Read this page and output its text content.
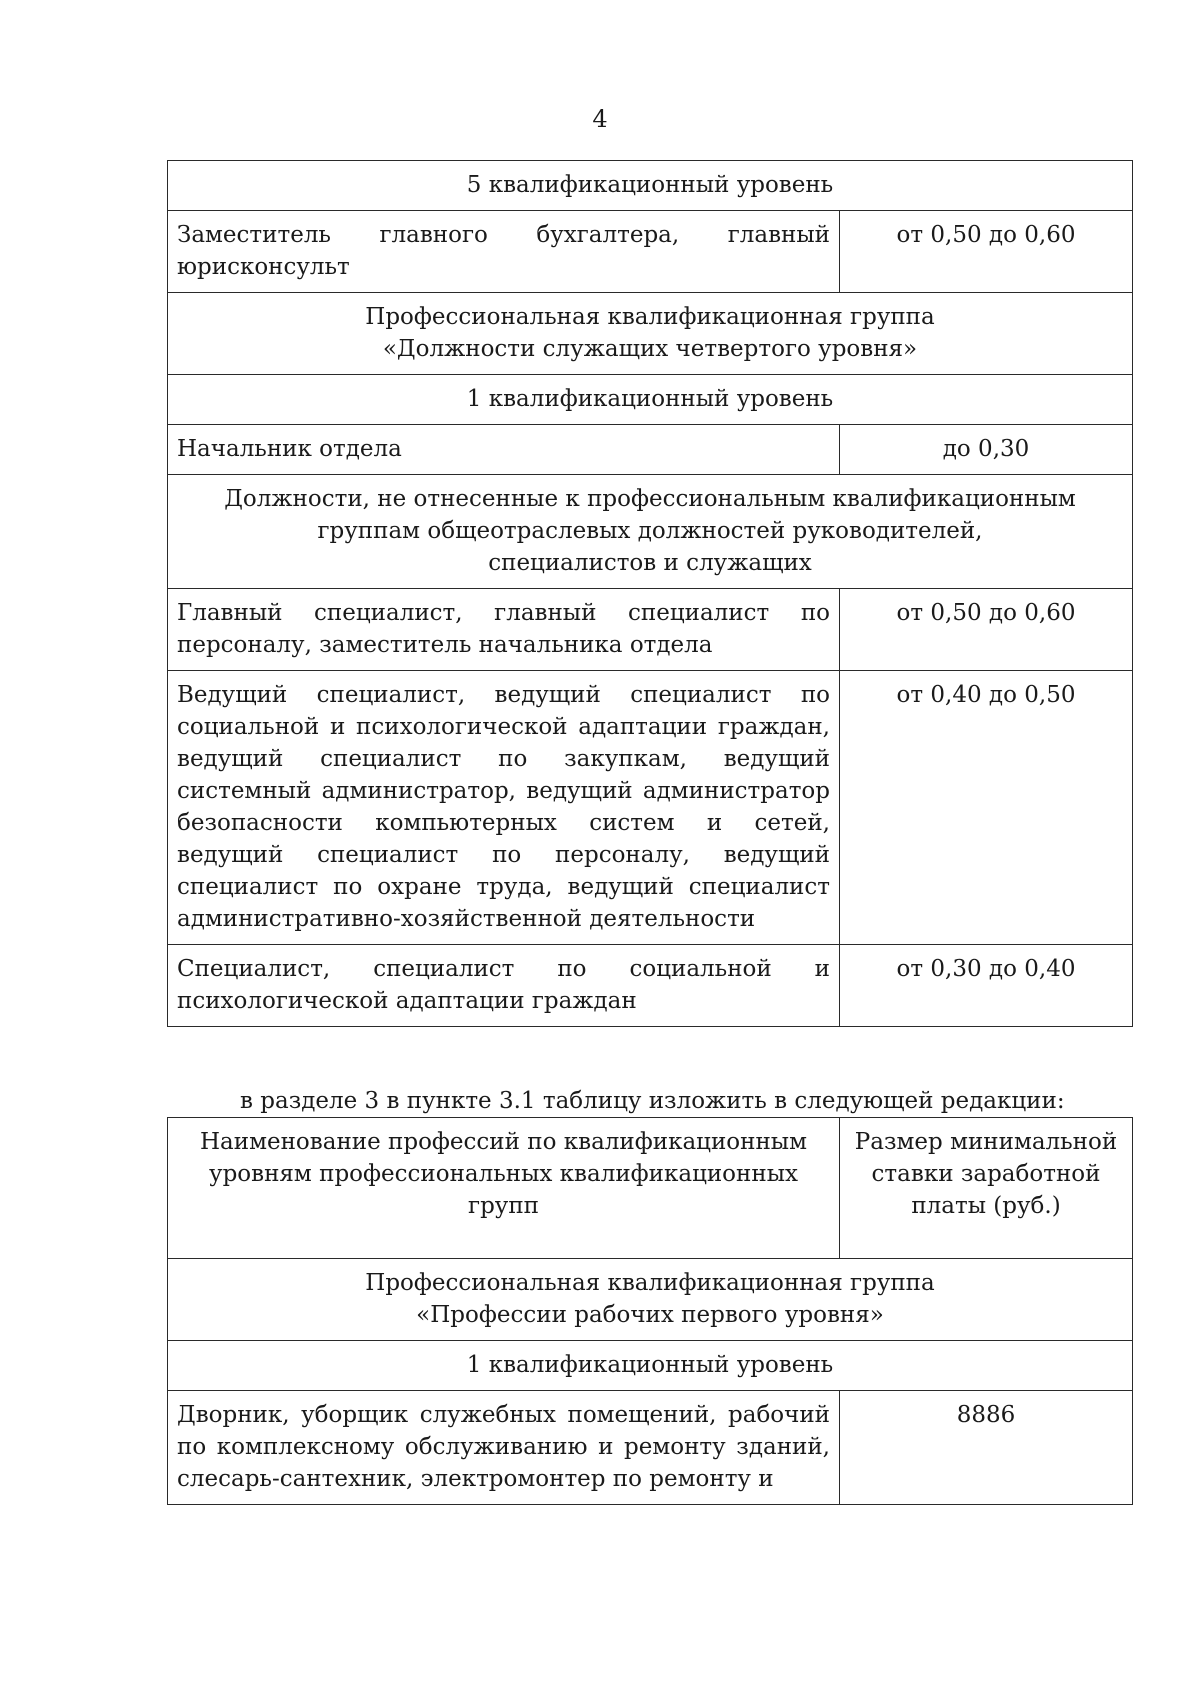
4
5 квалификационный уровень	
Заместитель главного бухгалтера, главный юрисконсульт	от 0,50 до 0,60

Профессиональная квалификационная группа
«Должности служащих четвертого уровня»	

1 квалификационный уровень	
Начальник отдела	до 0,30

Должности, не отнесенные к профессиональным квалификационным
группам общеотраслевых должностей руководителей,
специалистов и служащих	

Главный специалист, главный специалист по персоналу, заместитель начальника отдела	от 0,50 до 0,60
Ведущий специалист, ведущий специалист по социальной и психологической адаптации граждан, ведущий специалист по закупкам, ведущий системный администратор, ведущий администратор безопасности компьютерных систем и сетей, ведущий специалист по персоналу, ведущий специалист по охране труда, ведущий специалист административно-хозяйственной деятельности	от 0,40 до 0,50
Специалист, специалист по социальной и психологической адаптации граждан	от 0,30 до 0,40
в разделе 3 в пункте 3.1 таблицу изложить в следующей редакции:
Наименование профессий по квалификационным уровням профессиональных квалификационных групп	Размер минимальной ставки заработной платы (руб.)

Профессиональная квалификационная группа
«Профессии рабочих первого уровня»	

1 квалификационный уровень	
Дворник, уборщик служебных помещений, рабочий по комплексному обслуживанию и ремонту зданий, слесарь-сантехник, электромонтер по ремонту и	8886
